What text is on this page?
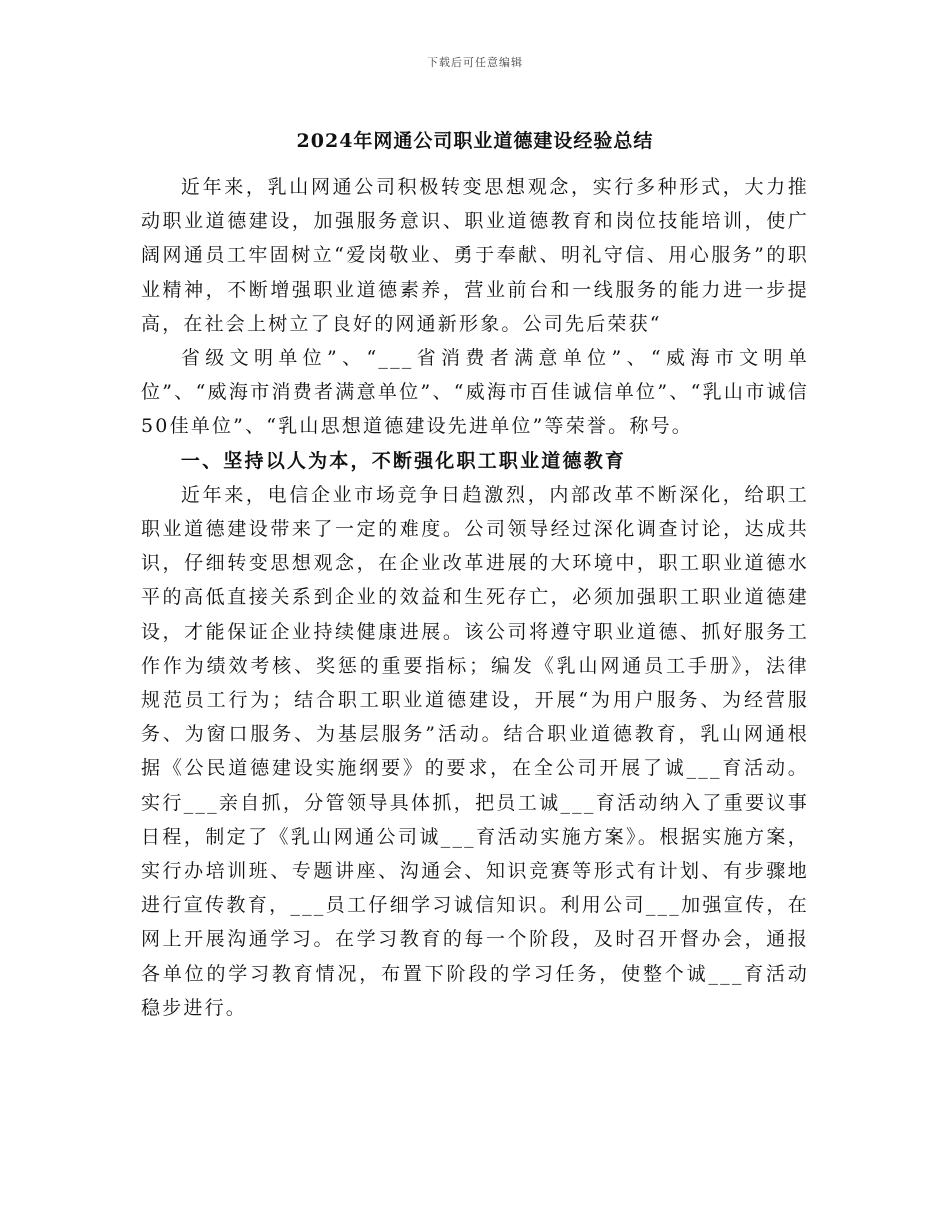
下载后可任意编辑
2024年网通公司职业道德建设经验总结

近年来，乳山网通公司积极转变思想观念，实行多种形式，大力推动职业道德建设，加强服务意识、职业道德教育和岗位技能培训，使广阔网通员工牢固树立“爱岗敬业、勇于奉献、明礼守信、用心服务”的职业精神，不断增强职业道德素养，营业前台和一线服务的能力进一步提高，在社会上树立了良好的网通新形象。公司先后荣获“

省级文明单位”、“___省消费者满意单位”、“威海市文明单位”、“威海市消费者满意单位”、“威海市百佳诚信单位”、“乳山市诚信50佳单位”、“乳山思想道德建设先进单位”等荣誉。称号。

一、坚持以人为本，不断强化职工职业道德教育

近年来，电信企业市场竞争日趋激烈，内部改革不断深化，给职工职业道德建设带来了一定的难度。公司领导经过深化调查讨论，达成共识，仔细转变思想观念，在企业改革进展的大环境中，职工职业道德水平的高低直接关系到企业的效益和生死存亡，必须加强职工职业道德建设，才能保证企业持续健康进展。该公司将遵守职业道德、抓好服务工作作为绩效考核、奖惩的重要指标；编发《乳山网通员工手册》，法律规范员工行为；结合职工职业道德建设，开展“为用户服务、为经营服务、为窗口服务、为基层服务”活动。结合职业道德教育，乳山网通根据《公民道德建设实施纲要》的要求，在全公司开展了诚___育活动。实行___亲自抓，分管领导具体抓，把员工诚___育活动纳入了重要议事日程，制定了《乳山网通公司诚___育活动实施方案》。根据实施方案，实行办培训班、专题讲座、沟通会、知识竞赛等形式有计划、有步骤地进行宣传教育，___员工仔细学习诚信知识。利用公司___加强宣传，在网上开展沟通学习。在学习教育的每一个阶段，及时召开督办会，通报各单位的学习教育情况，布置下阶段的学习任务，使整个诚___育活动稳步进行。
